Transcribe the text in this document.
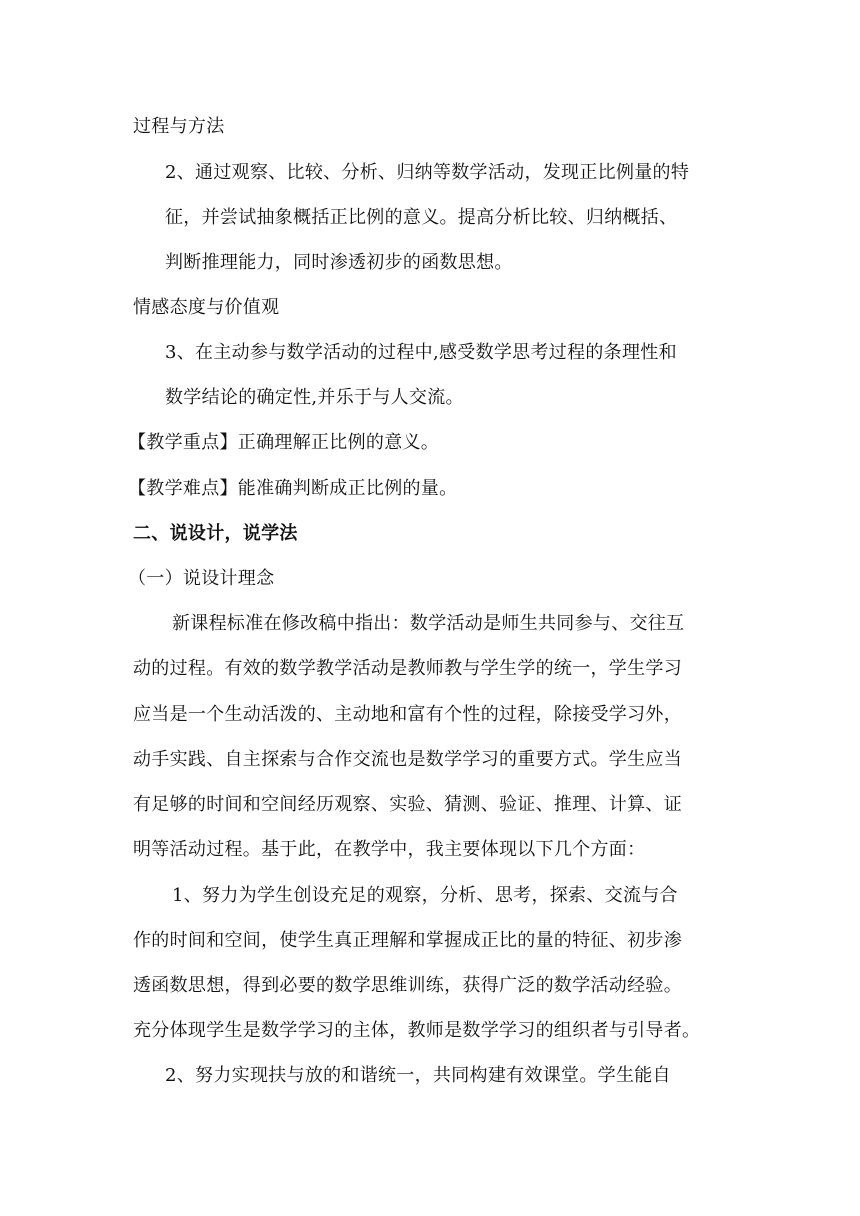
过程与方法
2、通过观察、比较、分析、归纳等数学活动，发现正比例量的特
征，并尝试抽象概括正比例的意义。提高分析比较、归纳概括、
判断推理能力，同时渗透初步的函数思想。
情感态度与价值观
3、在主动参与数学活动的过程中,感受数学思考过程的条理性和
数学结论的确定性,并乐于与人交流。
【教学重点】正确理解正比例的意义。
【教学难点】能准确判断成正比例的量。
二、说设计，说学法
（一）说设计理念
新课程标准在修改稿中指出：数学活动是师生共同参与、交往互
动的过程。有效的数学教学活动是教师教与学生学的统一，学生学习
应当是一个生动活泼的、主动地和富有个性的过程，除接受学习外，
动手实践、自主探索与合作交流也是数学学习的重要方式。学生应当
有足够的时间和空间经历观察、实验、猜测、验证、推理、计算、证
明等活动过程。基于此，在教学中，我主要体现以下几个方面：
1、努力为学生创设充足的观察，分析、思考，探索、交流与合
作的时间和空间，使学生真正理解和掌握成正比的量的特征、初步渗
透函数思想，得到必要的数学思维训练，获得广泛的数学活动经验。
充分体现学生是数学学习的主体，教师是数学学习的组织者与引导者。
2、努力实现扶与放的和谐统一，共同构建有效课堂。学生能自
